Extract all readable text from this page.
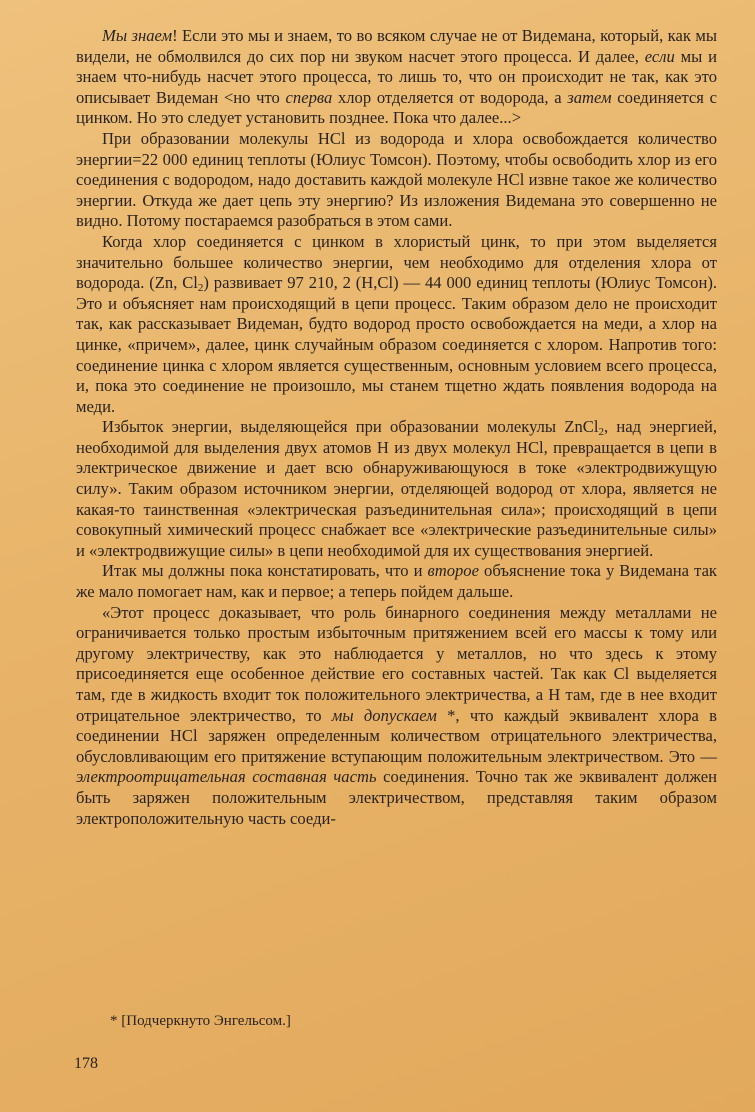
Мы знаем! Если это мы и знаем, то во всяком случае не от Видемана, который, как мы видели, не обмолвился до сих пор ни звуком насчет этого процесса. И далее, если мы и знаем что-нибудь насчет этого процесса, то лишь то, что он происходит не так, как это описывает Видеман <но что сперва хлор отделяется от водорода, а затем соединяется с цинком. Но это следует установить позднее. Пока что далее...>

При образовании молекулы HCl из водорода и хлора освобождается количество энергии=22 000 единиц теплоты (Юлиус Томсон). Поэтому, чтобы освободить хлор из его соединения с водородом, надо доставить каждой молекуле HCl извне такое же количество энергии. Откуда же дает цепь эту энергию? Из изложения Видемана это совершенно не видно. Потому постараемся разобраться в этом сами.

Когда хлор соединяется с цинком в хлористый цинк, то при этом выделяется значительно большее количество энергии, чем необходимо для отделения хлора от водорода. (Zn, $Cl_2$) развивает 97 210, 2 (H,Cl) — 44 000 единиц теплоты (Юлиус Томсон). Это и объясняет нам происходящий в цепи процесс. Таким образом дело не происходит так, как рассказывает Видеман, будто водород просто освобождается на меди, а хлор на цинке, «причем», далее, цинк случайным образом соединяется с хлором. Напротив того: соединение цинка с хлором является существенным, основным условием всего процесса, и, пока это соединение не произошло, мы станем тщетно ждать появления водорода на меди.

Избыток энергии, выделяющейся при образовании молекулы ZnCl$_2$, над энергией, необходимой для выделения двух атомов H из двух молекул HCl, превращается в цепи в электрическое движение и дает всю обнаруживающуюся в токе «электродвижущую силу». Таким образом источником энергии, отделяющей водород от хлора, является не какая-то таинственная «электрическая разъединительная сила»; происходящий в цепи совокупный химический процесс снабжает все «электрические разъединительные силы» и «электродвижущие силы» в цепи необходимой для их существования энергией.

Итак мы должны пока констатировать, что и второе объяснение тока у Видемана так же мало помогает нам, как и первое; а теперь пойдем дальше.

«Этот процесс доказывает, что роль бинарного соединения между металлами не ограничивается только простым избыточным притяжением всей его массы к тому или другому электричеству, как это наблюдается у металлов, но что здесь к этому присоединяется еще особенное действие его составных частей. Так как Cl выделяется там, где в жидкость входит ток положительного электричества, а H там, где в нее входит отрицательное электричество, то мы допускаем *, что каждый эквивалент хлора в соединении HCl заряжен определенным количеством отрицательного электричества, обусловливающим его притяжение вступающим положительным электричеством. Это — электроотрицательная составная часть соединения. Точно так же эквивалент должен быть заряжен положительным электричеством, представляя таким образом электроположительную часть соеди-

* [Подчеркнуто Энгельсом.]
178
